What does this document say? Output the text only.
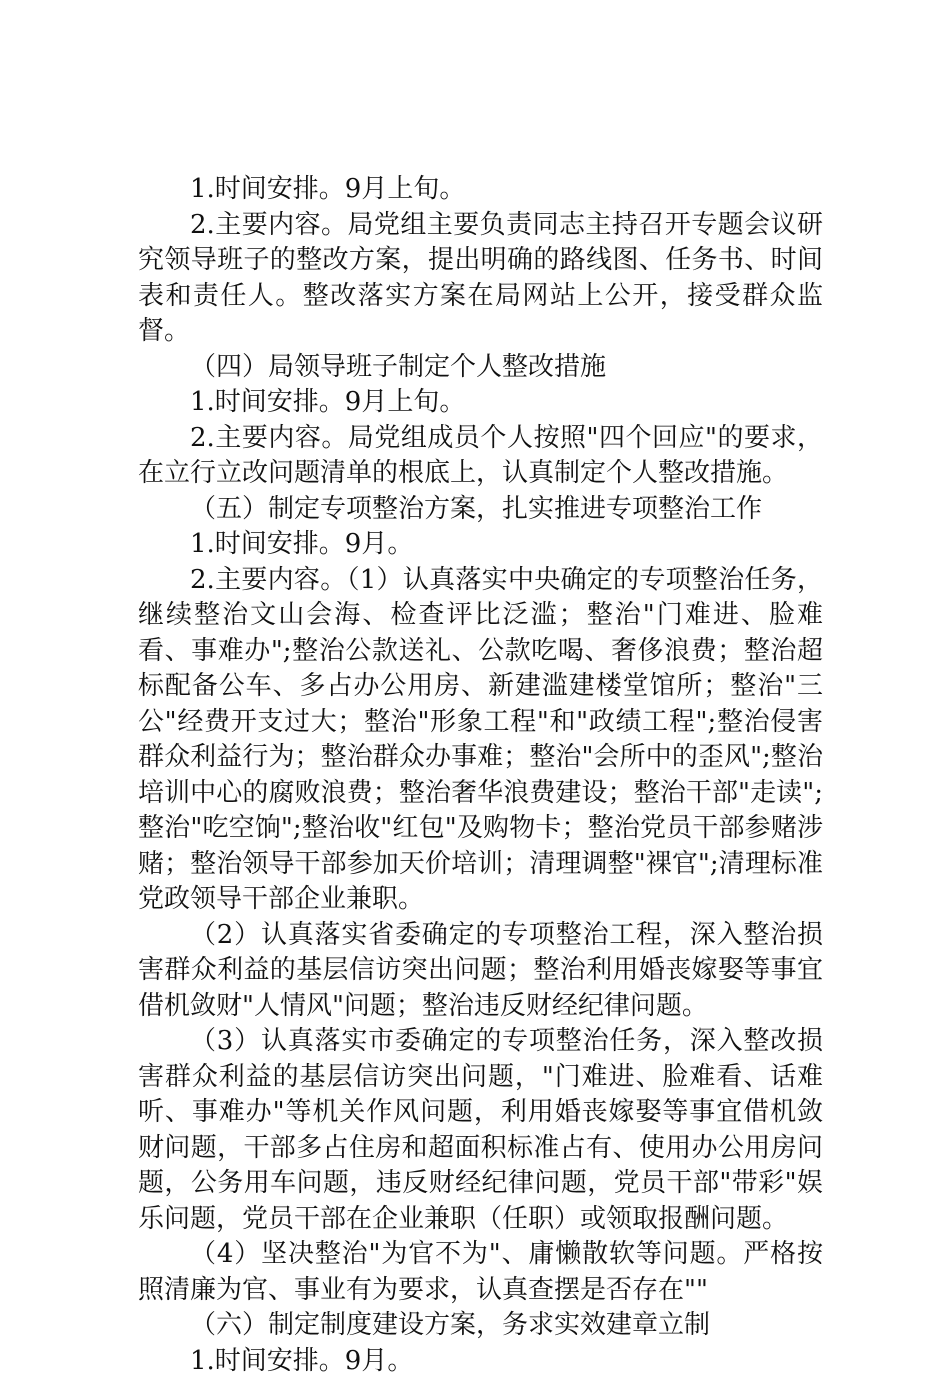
1.时间安排。9月上旬。

2.主要内容。局党组主要负责同志主持召开专题会议研究领导班子的整改方案，提出明确的路线图、任务书、时间表和责任人。整改落实方案在局网站上公开，接受群众监督。

（四）局领导班子制定个人整改措施

1.时间安排。9月上旬。

2.主要内容。局党组成员个人按照"四个回应"的要求，在立行立改问题清单的根底上，认真制定个人整改措施。

（五）制定专项整治方案，扎实推进专项整治工作

1.时间安排。9月。

2.主要内容。（1）认真落实中央确定的专项整治任务，继续整治文山会海、检查评比泛滥；整治"门难进、脸难看、事难办";整治公款送礼、公款吃喝、奢侈浪费；整治超标配备公车、多占办公用房、新建滥建楼堂馆所；整治"三公"经费开支过大；整治"形象工程"和"政绩工程";整治侵害群众利益行为；整治群众办事难；整治"会所中的歪风";整治培训中心的腐败浪费；整治奢华浪费建设；整治干部"走读";整治"吃空饷";整治收"红包"及购物卡；整治党员干部参赌涉赌；整治领导干部参加天价培训；清理调整"裸官";清理标准党政领导干部企业兼职。

（2）认真落实省委确定的专项整治工程，深入整治损害群众利益的基层信访突出问题；整治利用婚丧嫁娶等事宜借机敛财"人情风"问题；整治违反财经纪律问题。

（3）认真落实市委确定的专项整治任务，深入整改损害群众利益的基层信访突出问题，"门难进、脸难看、话难听、事难办"等机关作风问题，利用婚丧嫁娶等事宜借机敛财问题，干部多占住房和超面积标准占有、使用办公用房问题，公务用车问题，违反财经纪律问题，党员干部"带彩"娱乐问题，党员干部在企业兼职（任职）或领取报酬问题。

（4）坚决整治"为官不为"、庸懒散软等问题。严格按照清廉为官、事业有为要求，认真查摆是否存在""

（六）制定制度建设方案，务求实效建章立制

1.时间安排。9月。
